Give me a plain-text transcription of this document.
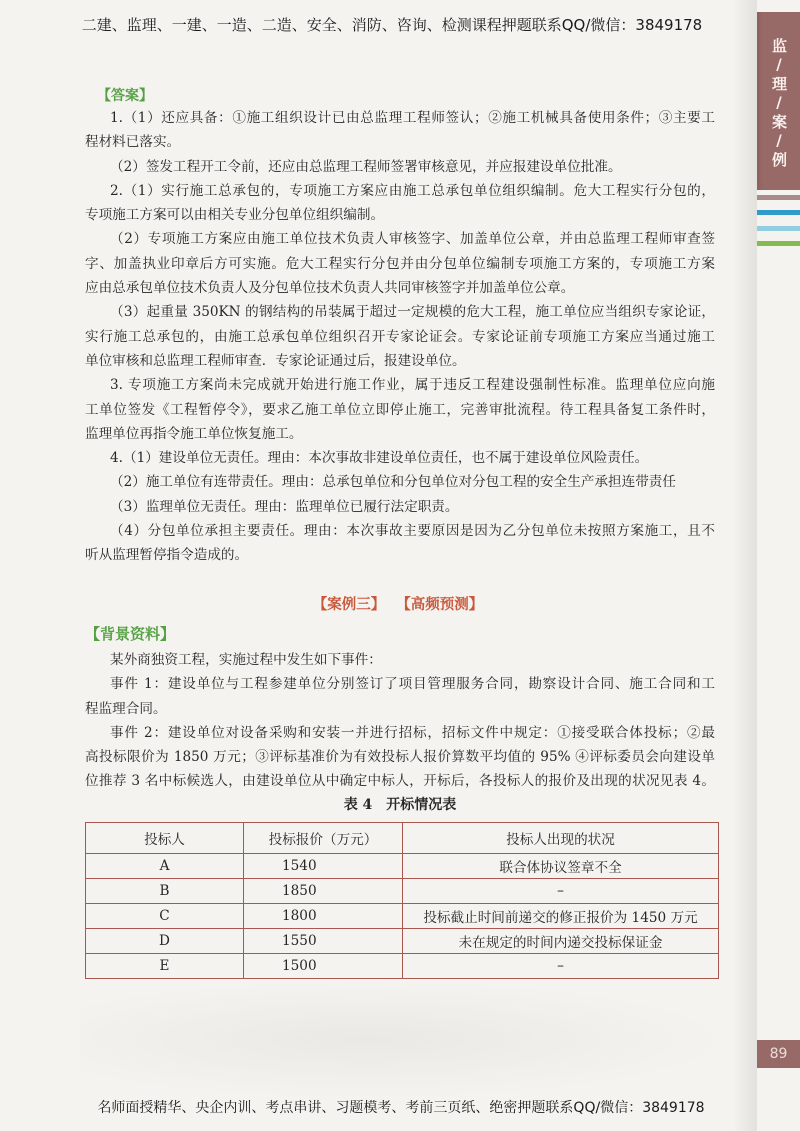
二建、监理、一建、一造、二造、安全、消防、咨询、检测课程押题联系QQ/微信：3849178
监/理/案/例
【答案】
1.（1）还应具备：①施工组织设计已由总监理工程师签认；②施工机械具备使用条件；③主要工
程材料已落实。
（2）签发工程开工令前，还应由总监理工程师签署审核意见，并应报建设单位批准。
2.（1）实行施工总承包的，专项施工方案应由施工总承包单位组织编制。危大工程实行分包的，
专项施工方案可以由相关专业分包单位组织编制。
（2）专项施工方案应由施工单位技术负责人审核签字、加盖单位公章，并由总监理工程师审查签
字、加盖执业印章后方可实施。危大工程实行分包并由分包单位编制专项施工方案的，专项施工方案
应由总承包单位技术负责人及分包单位技术负责人共同审核签字并加盖单位公章。
（3）起重量 350KN 的钢结构的吊装属于超过一定规模的危大工程，施工单位应当组织专家论证，
实行施工总承包的，由施工总承包单位组织召开专家论证会。专家论证前专项施工方案应当通过施工
单位审核和总监理工程师审查．专家论证通过后，报建设单位。
3. 专项施工方案尚未完成就开始进行施工作业，属于违反工程建设强制性标准。监理单位应向施
工单位签发《工程暂停令》，要求乙施工单位立即停止施工，完善审批流程。待工程具备复工条件时，
监理单位再指令施工单位恢复施工。
4.（1）建设单位无责任。理由：本次事故非建设单位责任，也不属于建设单位风险责任。
（2）施工单位有连带责任。理由：总承包单位和分包单位对分包工程的安全生产承担连带责任
（3）监理单位无责任。理由：监理单位已履行法定职责。
（4）分包单位承担主要责任。理由：本次事故主要原因是因为乙分包单位未按照方案施工，且不
听从监理暂停指令造成的。
【案例三】 【高频预测】
【背景资料】
某外商独资工程，实施过程中发生如下事件：
事件 1：建设单位与工程参建单位分别签订了项目管理服务合同，勘察设计合同、施工合同和工
程监理合同。
事件 2：建设单位对设备采购和安装一并进行招标，招标文件中规定：①接受联合体投标；②最
高投标限价为 1850 万元；③评标基准价为有效投标人报价算数平均值的 95% ④评标委员会向建设单
位推荐 3 名中标候选人，由建设单位从中确定中标人，开标后，各投标人的报价及出现的状况见表 4。
表 4　开标情况表
投标人	投标报价（万元）	投标人出现的状况
A	1540	联合体协议签章不全
B	1850	–
C	1800	投标截止时间前递交的修正报价为 1450 万元
D	1550	未在规定的时间内递交投标保证金
E	1500	–
89
名师面授精华、央企内训、考点串讲、习题模考、考前三页纸、绝密押题联系QQ/微信：3849178
